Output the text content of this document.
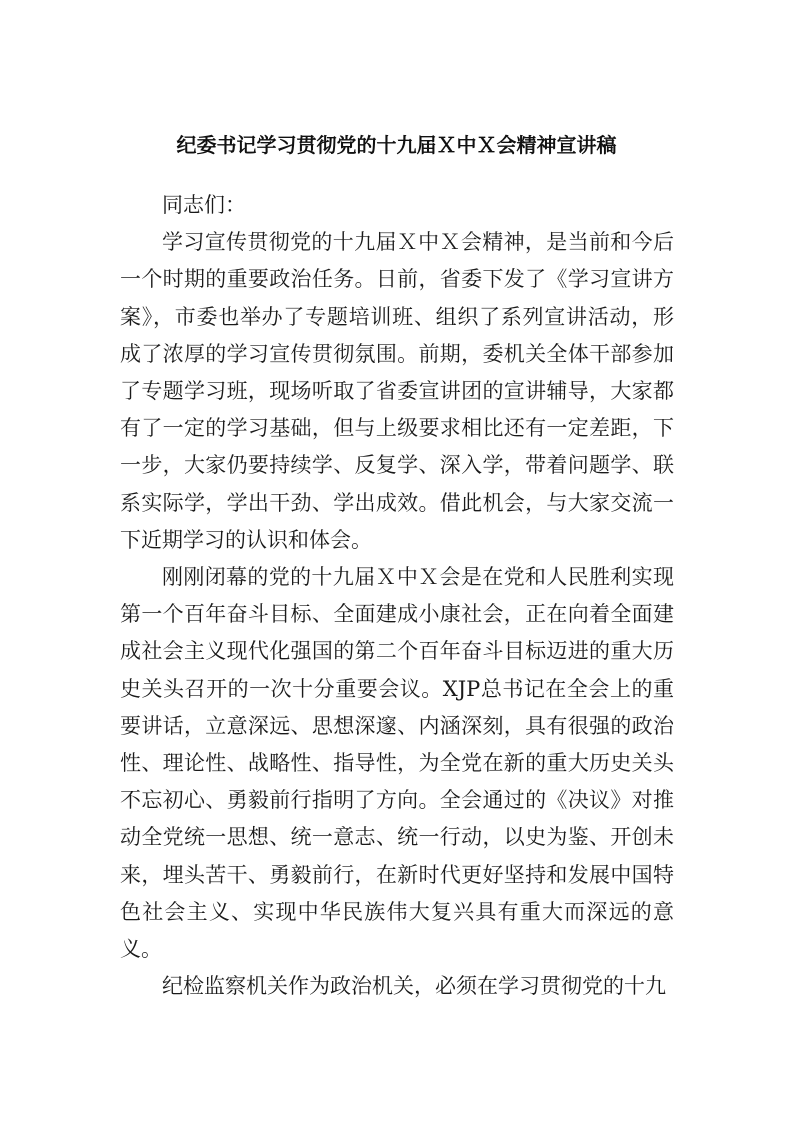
纪委书记学习贯彻党的十九届Ｘ中Ｘ会精神宣讲稿

同志们：

学习宣传贯彻党的十九届Ｘ中Ｘ会精神，是当前和今后一个时期的重要政治任务。日前，省委下发了《学习宣讲方案》，市委也举办了专题培训班、组织了系列宣讲活动，形成了浓厚的学习宣传贯彻氛围。前期，委机关全体干部参加了专题学习班，现场听取了省委宣讲团的宣讲辅导，大家都有了一定的学习基础，但与上级要求相比还有一定差距，下一步，大家仍要持续学、反复学、深入学，带着问题学、联系实际学，学出干劲、学出成效。借此机会，与大家交流一下近期学习的认识和体会。

刚刚闭幕的党的十九届Ｘ中Ｘ会是在党和人民胜利实现第一个百年奋斗目标、全面建成小康社会，正在向着全面建成社会主义现代化强国的第二个百年奋斗目标迈进的重大历史关头召开的一次十分重要会议。XJP总书记在全会上的重要讲话，立意深远、思想深邃、内涵深刻，具有很强的政治性、理论性、战略性、指导性，为全党在新的重大历史关头不忘初心、勇毅前行指明了方向。全会通过的《决议》对推动全党统一思想、统一意志、统一行动，以史为鉴、开创未来，埋头苦干、勇毅前行，在新时代更好坚持和发展中国特色社会主义、实现中华民族伟大复兴具有重大而深远的意义。

纪检监察机关作为政治机关，必须在学习贯彻党的十九
